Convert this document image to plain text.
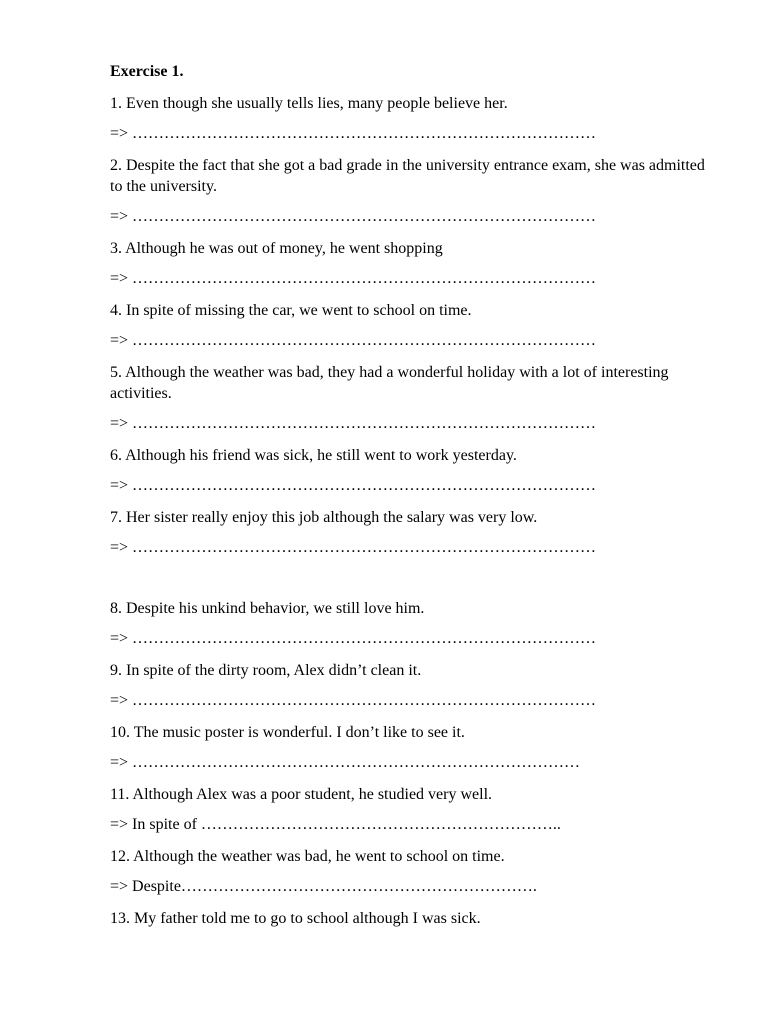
Exercise 1.
1. Even though she usually tells lies, many people believe her.
=> ……………………………………………………………………………
2. Despite the fact that she got a bad grade in the university entrance exam, she was admitted to the university.
=> ……………………………………………………………………………
3. Although he was out of money, he went shopping
=> ……………………………………………………………………………
4. In spite of missing the car, we went to school on time.
=> ……………………………………………………………………………
5. Although the weather was bad, they had a wonderful holiday with a lot of interesting activities.
=> ……………………………………………………………………………
6. Although his friend was sick, he still went to work yesterday.
=> ……………………………………………………………………………
7. Her sister really enjoy this job although the salary was very low.
=> ……………………………………………………………………………
8. Despite his unkind behavior, we still love him.
=> ……………………………………………………………………………
9. In spite of the dirty room, Alex didn’t clean it.
=> ……………………………………………………………………………
10. The music poster is wonderful. I don’t like to see it.
=> …………………………………………………………………………
11. Although Alex was a poor student, he studied very well.
=> In spite of …………………………………………………………..
12. Although the weather was bad, he went to school on time.
=> Despite………………………………………………………….
13. My father told me to go to school although I was sick.
